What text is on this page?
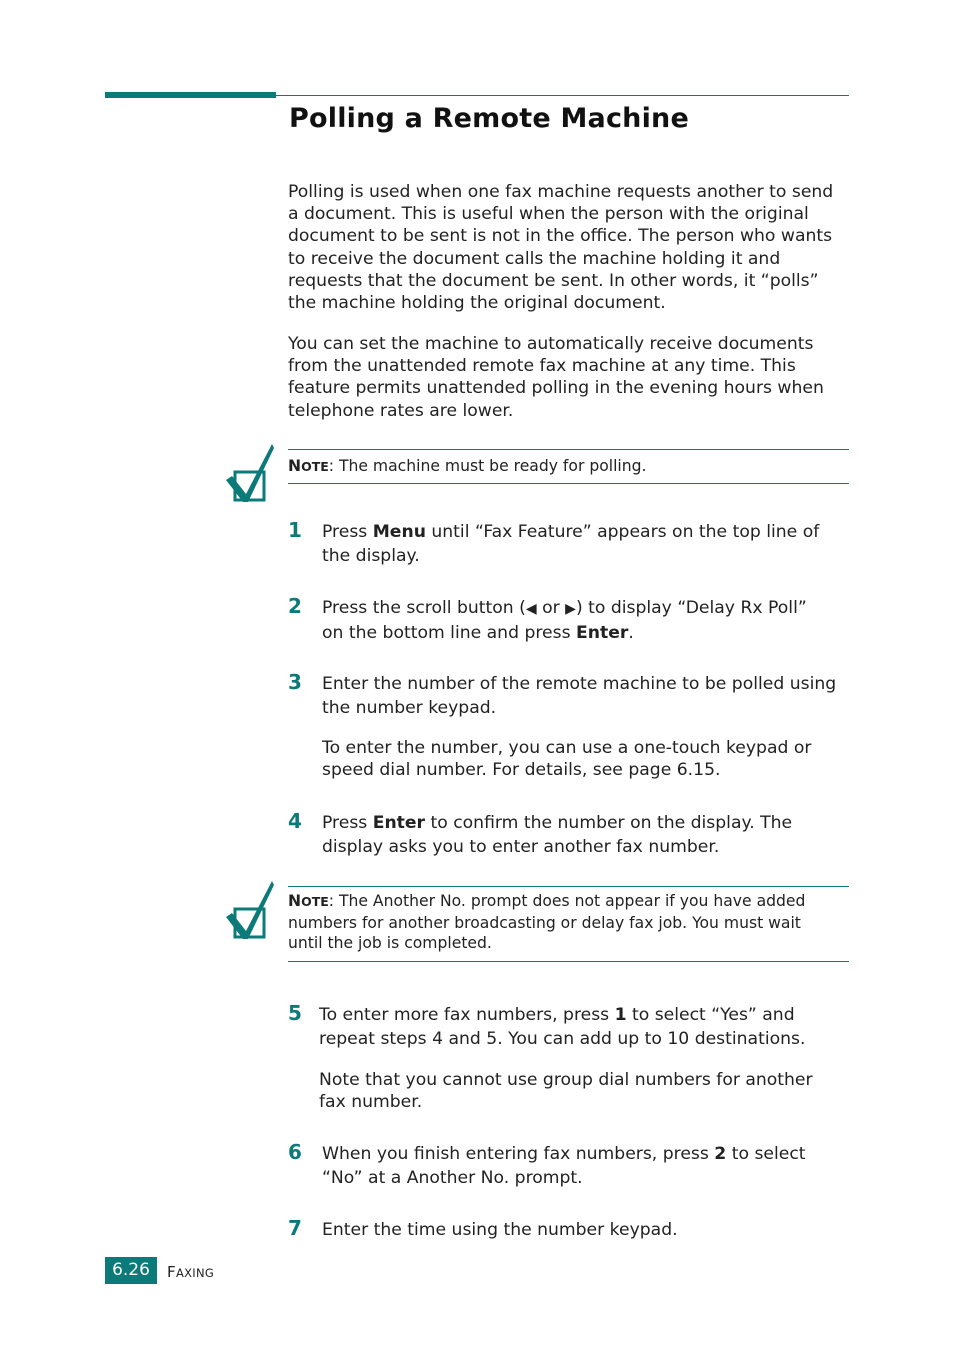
Polling a Remote Machine

Polling is used when one fax machine requests another to send
a document. This is useful when the person with the original
document to be sent is not in the office. The person who wants
to receive the document calls the machine holding it and
requests that the document be sent. In other words, it “polls”
the machine holding the original document.

You can set the machine to automatically receive documents
from the unattended remote fax machine at any time. This
feature permits unattended polling in the evening hours when
telephone rates are lower.

NOTE: The machine must be ready for polling.
1 Press Menu until “Fax Feature” appears on the top line of
the display.

2 Press the scroll button (◀ or ▶) to display “Delay Rx Poll”
on the bottom line and press Enter.

3 Enter the number of the remote machine to be polled using
the number keypad.

To enter the number, you can use a one-touch keypad or
speed dial number. For details, see page 6.15.

4 Press Enter to confirm the number on the display. The
display asks you to enter another fax number.

NOTE: The Another No. prompt does not appear if you have added
numbers for another broadcasting or delay fax job. You must wait
until the job is completed.
5 To enter more fax numbers, press 1 to select “Yes” and
repeat steps 4 and 5. You can add up to 10 destinations.

Note that you cannot use group dial numbers for another
fax number.

6 When you finish entering fax numbers, press 2 to select
“No” at a Another No. prompt.

7 Enter the time using the number keypad.

6.26	FAXING
